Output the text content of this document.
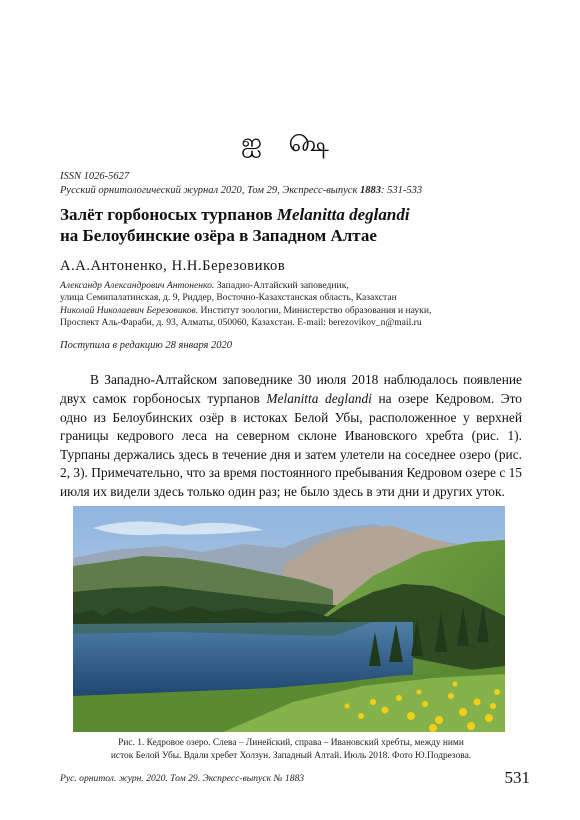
ஐ ௸
ISSN 1026-5627
Русский орнитологический журнал 2020, Том 29, Экспресс-выпуск 1883: 531-533
Залёт горбоносых турпанов Melanitta deglandi
на Белоубинские озёра в Западном Алтае
А.А.Антоненко, Н.Н.Березовиков
Александр Александрович Антоненко. Западно-Алтайский заповедник,
улица Семипалатинская, д. 9, Риддер, Восточно-Казахстанская область, Казахстан
Николай Николаевич Березовиков. Институт зоологии, Министерство образования и науки,
Проспект Аль-Фараби, д. 93, Алматы, 050060, Казахстан. E-mail: berezovikov_n@mail.ru
Поступила в редакцию 28 января 2020

В Западно-Алтайском заповеднике 30 июля 2018 наблюдалось появление двух самок горбоносых турпанов Melanitta deglandi на озере Кедровом. Это одно из Белоубинских озёр в истоках Белой Убы, расположенное у верхней границы кедрового леса на северном склоне Ивановского хребта (рис. 1). Турпаны держались здесь в течение дня и затем улетели на соседнее озеро (рис. 2, 3). Примечательно, что за время постоянного пребывания Кедровом озере с 15 июля их видели здесь только один раз; не было здесь в эти дни и других уток.

Рис. 1. Кедровое озеро. Слева – Линейский, справа – Ивановский хребты, между ними
исток Белой Убы. Вдали хребет Холзун. Западный Алтай. Июль 2018. Фото Ю.Подрезова.
Рус. орнитол. журн. 2020. Том 29. Экспресс-выпуск № 1883	531
